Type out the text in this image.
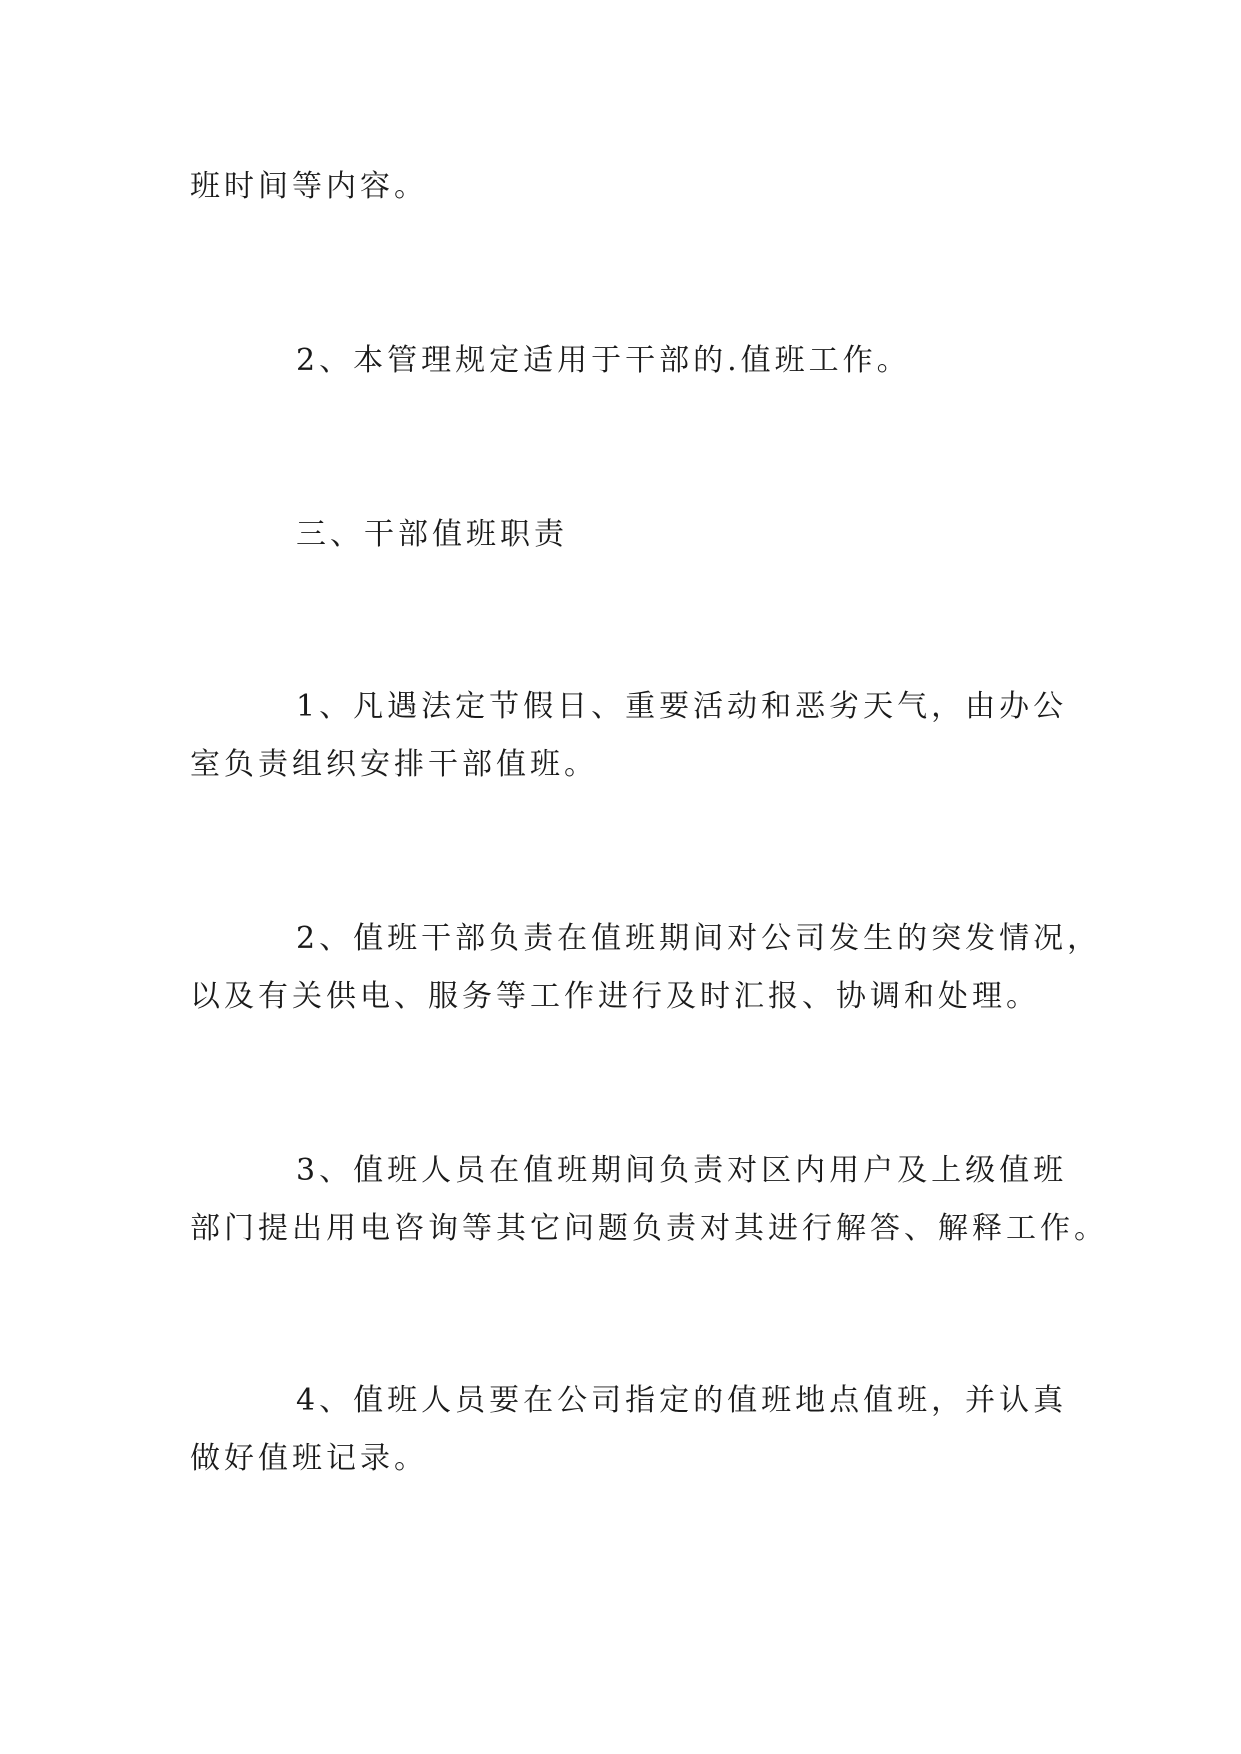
班时间等内容。
2、本管理规定适用于干部的.值班工作。
三、干部值班职责
1、凡遇法定节假日、重要活动和恶劣天气，由办公
室负责组织安排干部值班。
2、值班干部负责在值班期间对公司发生的突发情况，
以及有关供电、服务等工作进行及时汇报、协调和处理。
3、值班人员在值班期间负责对区内用户及上级值班
部门提出用电咨询等其它问题负责对其进行解答、解释工作。
4、值班人员要在公司指定的值班地点值班，并认真
做好值班记录。
